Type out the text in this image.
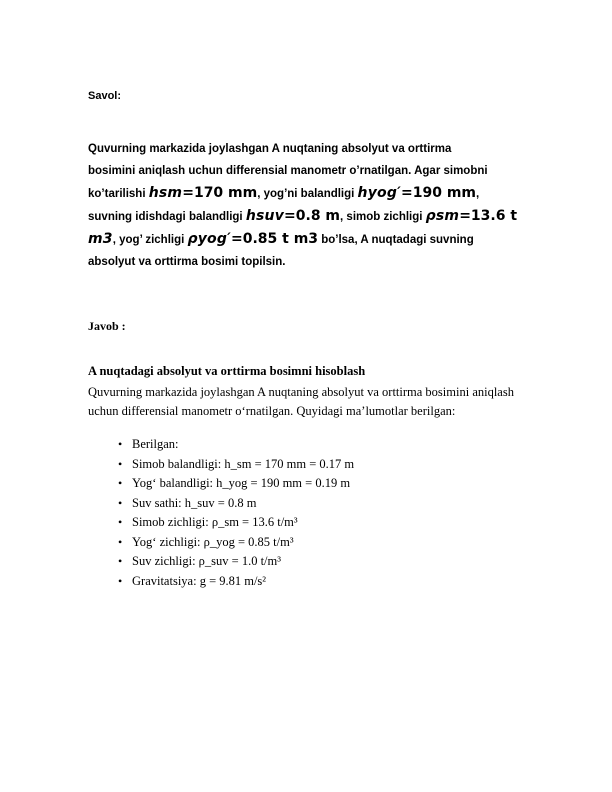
Savol:
Quvurning markazida joylashgan A nuqtaning absolyut va orttirma
bosimini aniqlash uchun differensial manometr o’rnatilgan. Agar simobni
ko’tarilishi hsm=170 mm, yog’ni balandligi hyog′=190 mm,
suvning idishdagi balandligi hsuv=0.8 m, simob zichligi ρsm=13.6 t
m3, yog’ zichligi ρyog′=0.85 t m3 bo’lsa, A nuqtadagi suvning
absolyut va orttirma bosimi topilsin.
Javob :
A nuqtadagi absolyut va orttirma bosimni hisoblash
Quvurning markazida joylashgan A nuqtaning absolyut va orttirma bosimini aniqlash uchun differensial manometr o‘rnatilgan. Quyidagi ma’lumotlar berilgan:
• Berilgan:
• Simob balandligi: h_sm = 170 mm = 0.17 m
• Yog‘ balandligi: h_yog = 190 mm = 0.19 m
• Suv sathi: h_suv = 0.8 m
• Simob zichligi: ρ_sm = 13.6 t/m³
• Yog‘ zichligi: ρ_yog = 0.85 t/m³
• Suv zichligi: ρ_suv = 1.0 t/m³
• Gravitatsiya: g = 9.81 m/s²
